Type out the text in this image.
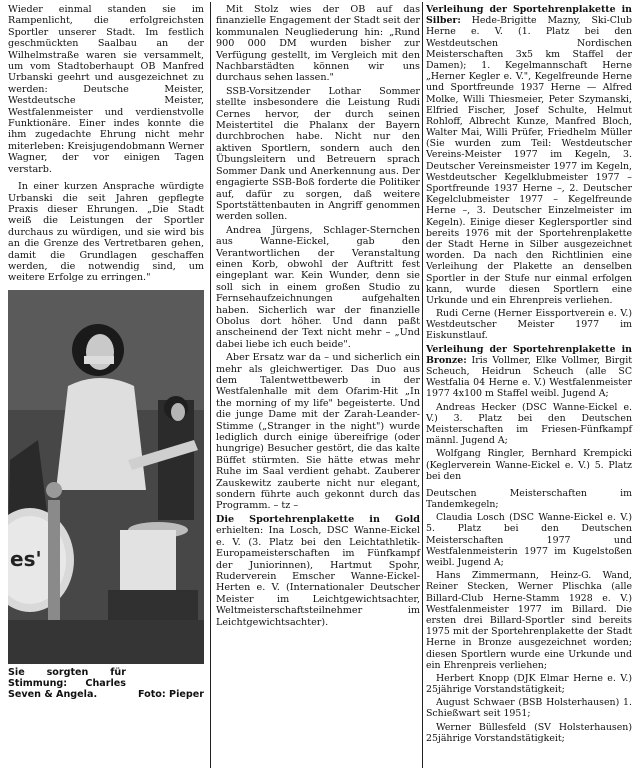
Wieder einmal standen sie im Rampenlicht, die erfolgreichsten Sportler unserer Stadt. Im festlich geschmückten Saalbau an der Wilhelmstraße waren sie versammelt, um vom Stadtoberhaupt OB Manfred Urbanski geehrt und ausgezeichnet zu werden: Deutsche Meister, Westdeutsche Meister, Westfalenmeister und verdienstvolle Funktionäre. Einer indes konnte die ihm zugedachte Ehrung nicht mehr miterleben: Kreisjugendobmann Werner Wagner, der vor einigen Tagen verstarb.

In einer kurzen Ansprache würdigte Urbanski die seit Jahren gepflegte Praxis dieser Ehrungen. „Die Stadt weiß die Leistungen der Sportler durchaus zu würdigen, und sie wird bis an die Grenze des Vertretbaren gehen, damit die Grundlagen geschaffen werden, die notwendig sind, um weitere Erfolge zu erringen."

es'
Sie sorgten für Stimmung: Charles Seven & Angela.	Foto: Pieper

Mit Stolz wies der OB auf das finanzielle Engagement der Stadt seit der kommunalen Neugliederung hin: „Rund 900 000 DM wurden bisher zur Verfügung gestellt, im Vergleich mit den Nachbarstädten können wir uns durchaus sehen lassen."

SSB-Vorsitzender Lothar Sommer stellte insbesondere die Leistung Rudi Cernes hervor, der durch seinen Meistertitel die Phalanx der Bayern durchbrochen habe. Nicht nur den aktiven Sportlern, sondern auch den Übungsleitern und Betreuern sprach Sommer Dank und Anerkennung aus. Der engagierte SSB-Boß forderte die Politiker auf, dafür zu sorgen, daß weitere Sportstättenbauten in Angriff genommen werden sollen.

Andrea Jürgens, Schlager-Sternchen aus Wanne-Eickel, gab den Verantwortlichen der Veranstaltung einen Korb, obwohl der Auftritt fest eingeplant war. Kein Wunder, denn sie soll sich in einem großen Studio zu Fernsehaufzeichnungen aufgehalten haben. Sicherlich war der finanzielle Obolus dort höher. Und dann paßt anscheinend der Text nicht mehr – „Und dabei liebe ich euch beide".

Aber Ersatz war da – und sicherlich ein mehr als gleichwertiger. Das Duo aus dem Talentwettbewerb in der Westfalenhalle mit dem Ofarim-Hit „In the morning of my life" begeisterte. Und die junge Dame mit der Zarah-Leander-Stimme („Stranger in the night") wurde lediglich durch einige übereifrige (oder hungrige) Besucher gestört, die das kalte Büffet stürmten. Sie hätte etwas mehr Ruhe im Saal verdient gehabt. Zauberer Zauskewitz zauberte nicht nur elegant, sondern führte auch gekonnt durch das Programm. – tz –

Die Sportehrenplakette in Gold erhielten: Ina Losch, DSC Wanne-Eickel e. V. (3. Platz bei den Leichtathletik-Europameisterschaften im Fünfkampf der Juniorinnen), Hartmut Spohr, Ruderverein Emscher Wanne-Eickel-Herten e. V. (Internationaler Deutscher Meister im Leichtgewichtsachter, Weltmeisterschaftsteilnehmer im Leichtgewichtsachter).

Verleihung der Sportehrenplakette in Silber: Hede-Brigitte Mazny, Ski-Club Herne e. V. (1. Platz bei den Westdeutschen Nordischen Meisterschaften 3x5 km Staffel der Damen); 1. Kegelmannschaft Herne „Herner Kegler e. V.", Kegelfreunde Herne und Sportfreunde 1937 Herne — Alfred Molke, Willi Thiesmeier, Peter Szymanski, Elfried Fischer, Josef Schulte, Helmut Rohloff, Albrecht Kunze, Manfred Bloch, Walter Mai, Willi Prüfer, Friedhelm Müller (Sie wurden zum Teil: Westdeutscher Vereins-Meister 1977 im Kegeln, 3. Deutscher Vereinsmeister 1977 im Kegeln, Westdeutscher Kegelklubmeister 1977 – Sportfreunde 1937 Herne –, 2. Deutscher Kegelclubmeister 1977 – Kegelfreunde Herne –, 3. Deutscher Einzelmeister im Kegeln). Einige dieser Keglersportler sind bereits 1976 mit der Sportehrenplakette der Stadt Herne in Silber ausgezeichnet worden. Da nach den Richtlinien eine Verleihung der Plakette an denselben Sportler in der Stufe nur einmal erfolgen kann, wurde diesen Sportlern eine Urkunde und ein Ehrenpreis verliehen.

Rudi Cerne (Herner Eissportverein e. V.) Westdeutscher Meister 1977 im Eiskunstlauf.

Verleihung der Sportehrenplakette in Bronze: Iris Vollmer, Elke Vollmer, Birgit Scheuch, Heidrun Scheuch (alle SC Westfalia 04 Herne e. V.) Westfalenmeister 1977 4x100 m Staffel weibl. Jugend A;

Andreas Hecker (DSC Wanne-Eickel e. V.) 3. Platz bei den Deutschen Meisterschaften im Friesen-Fünfkampf männl. Jugend A;

Wolfgang Ringler, Bernhard Krempicki (Keglerverein Wanne-Eickel e. V.) 5. Platz bei den

Deutschen Meisterschaften im Tandemkegeln;

Claudia Losch (DSC Wanne-Eickel e. V.) 5. Platz bei den Deutschen Meisterschaften 1977 und Westfalenmeisterin 1977 im Kugelstoßen weibl. Jugend A;

Hans Zimmermann, Heinz-G. Wand, Reiner Stecken, Werner Plischka (alle Billard-Club Herne-Stamm 1928 e. V.) Westfalenmeister 1977 im Billard. Die ersten drei Billard-Sportler sind bereits 1975 mit der Sportehrenplakette der Stadt Herne in Bronze ausgezeichnet worden; diesen Sportlern wurde eine Urkunde und ein Ehrenpreis verliehen;

Herbert Knopp (DJK Elmar Herne e. V.) 25jährige Vorstandstätigkeit;

August Schwaer (BSB Holsterhausen) 1. Schießwart seit 1951;

Werner Büllesfeld (SV Holsterhausen) 25jährige Vorstandstätigkeit;
